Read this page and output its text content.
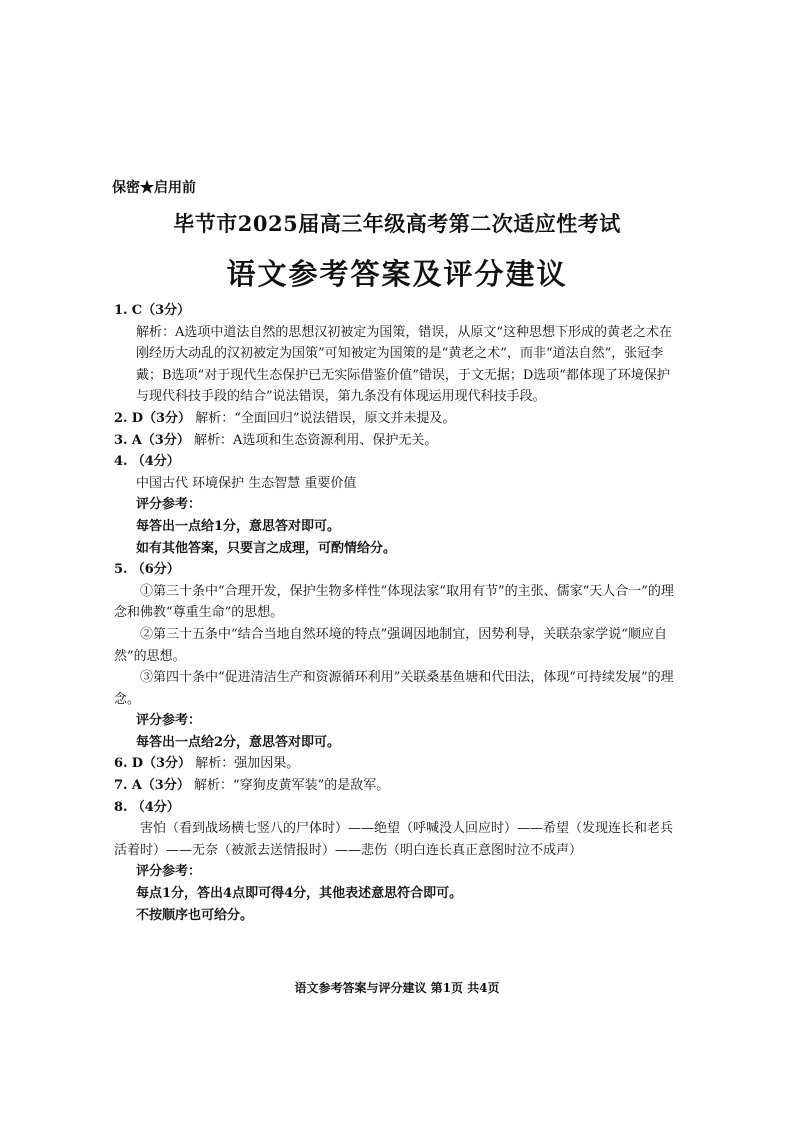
保密★启用前
毕节市2025届高三年级高考第二次适应性考试
语文参考答案及评分建议
1. C（3分）
解析：A选项中道法自然的思想汉初被定为国策，错误，从原文“这种思想下形成的黄老之术在刚经历大动乱的汉初被定为国策”可知被定为国策的是“黄老之术”，而非“道法自然”，张冠李戴；B选项“对于现代生态保护已无实际借鉴价值”错误，于文无据；D选项“都体现了环境保护与现代科技手段的结合”说法错误，第九条没有体现运用现代科技手段。
2. D（3分） 解析：“全面回归”说法错误，原文并未提及。
3. A（3分） 解析：A选项和生态资源利用、保护无关。
4. （4分）
中国古代 环境保护 生态智慧 重要价值
评分参考：
每答出一点给1分，意思答对即可。
如有其他答案，只要言之成理，可酌情给分。
5. （6分）
①第三十条中“合理开发，保护生物多样性”体现法家“取用有节”的主张、儒家“天人合一”的理念和佛教“尊重生命”的思想。
②第三十五条中“结合当地自然环境的特点”强调因地制宜，因势利导，关联杂家学说“顺应自然”的思想。
③第四十条中“促进清洁生产和资源循环利用”关联桑基鱼塘和代田法，体现“可持续发展”的理念。
评分参考：
每答出一点给2分，意思答对即可。
6. D（3分） 解析：强加因果。
7. A（3分） 解析：“穿狗皮黄军装”的是敌军。
8. （4分）
害怕（看到战场横七竖八的尸体时）——绝望（呼喊没人回应时）——希望（发现连长和老兵活着时）——无奈（被派去送情报时）——悲伤（明白连长真正意图时泣不成声）
评分参考：
每点1分，答出4点即可得4分，其他表述意思符合即可。
不按顺序也可给分。
语文参考答案与评分建议 第1页 共4页
